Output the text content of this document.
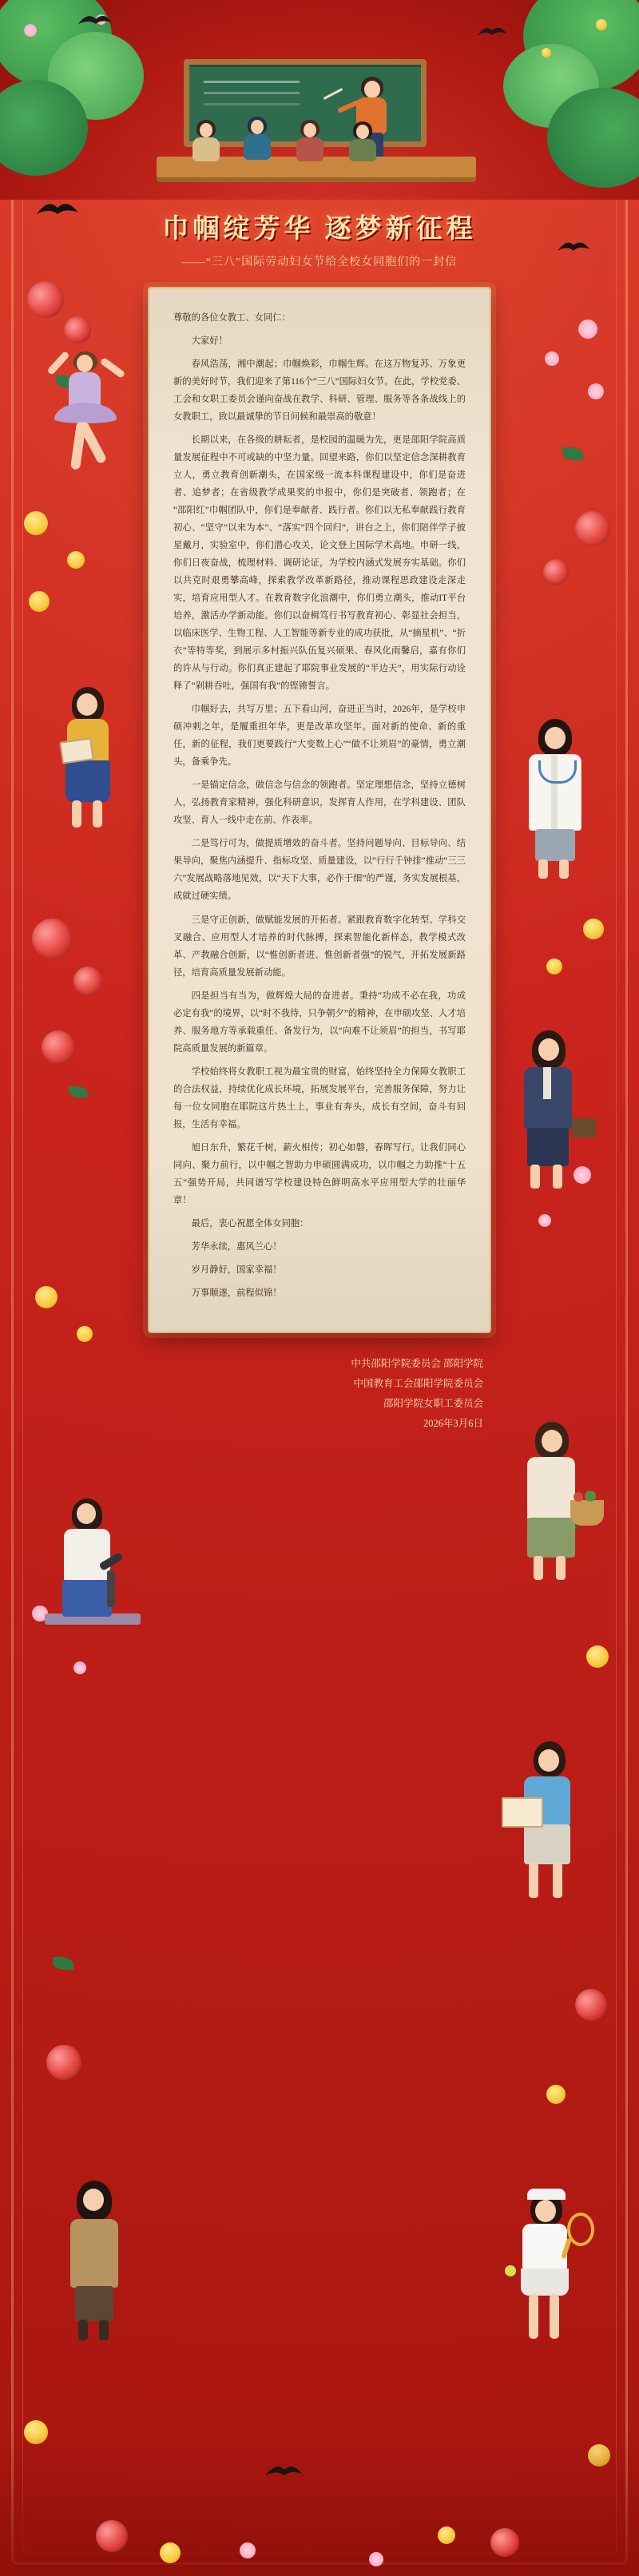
巾帼绽芳华 逐梦新征程

——“三八”国际劳动妇女节给全校女同胞们的一封信

尊敬的各位女教工、女同仁：

大家好！

春风浩荡，湘中潮起；巾帼焕彩，巾帼生辉。在这万物复苏、万象更新的美好时节，我们迎来了第116个“三八”国际妇女节。在此，学校党委、工会和女职工委员会谨向奋战在教学、科研、管理、服务等各条战线上的女教职工，致以最诚挚的节日问候和最崇高的敬意！

长期以来，在各级的耕耘者，是校园的温暖为先，更是邵阳学院高质量发展征程中不可或缺的中坚力量。回望来路，你们以坚定信念深耕教育立人，勇立教育创新潮头，在国家级一流本科课程建设中，你们是奋进者、追梦者；在省级教学成果奖的申报中，你们是突破者、领跑者；在“邵阳红”巾帼团队中，你们是奉献者、践行者。你们以无私奉献践行教育初心、“坚守”以来为本”、“落实”四个回归”，讲台之上，你们陪伴学子披星戴月，实验室中，你们潜心攻关，论文登上国际学术高地。申研一线，你们日夜奋战，梳理材料、调研论证，为学校内涵式发展夯实基础。你们以共克时艰勇攀高峰，探索教学改革新路径，推动课程思政建设走深走实，培育应用型人才。在教育数字化浪潮中，你们勇立潮头，推动IT平台培养，激活办学新动能。你们以奋楫笃行书写教育初心、彰显社会担当，以临床医学、生物工程、人工智能等新专业的成功获批，从“摘星机”、“折衣”等特等奖，到展示多村振兴队伍复兴硕果、春风化雨馨启，嘉有你们的许从与行动。你们真正建起了耶院事业发展的“半边天”，用实际行动诠释了“剁耕吞吐，强国有我”的铿锵誓言。

巾帼好去，共写万里；五下看山河，奋进正当时，2026年，是学校申硕冲刺之年，是履重担年华，更是改革攻坚年。面对新的使命、新的重任，新的征程，我们更要践行“大变数上心”“做不让须眉”的豪情，勇立潮头，备乘争先。

一是锚定信念，做信念与信念的领跑者。坚定理想信念，坚持立德树人，弘扬教育家精神，强化科研意识，发挥育人作用，在学科建设、团队攻坚、育人一线中走在前、作表率。

二是笃行可为，做提质增效的奋斗者。坚持问题导向、目标导向、结果导向，聚焦内涵提升、指标攻坚、质量建设，以“行行千钟排”推动“三三六”发展战略落地见效，以“天下大事，必作于细”的严谨，务实发展根基，成就过硬实绩。

三是守正创新，做赋能发展的开拓者。紧跟教育数字化转型、学科交叉融合、应用型人才培养的时代脉搏，探索智能化新样态，教学模式改革、产教融合创新，以“惟创新者进、惟创新者强”的锐气，开拓发展新路径，培育高质量发展新动能。

四是担当有当为，做辉煌大局的奋进者。秉持“功成不必在我，功成必定有我”的境界，以“时不我待，只争朝夕”的精神，在申硕攻坚、人才培养、服务地方等承载重任、备发行为，以“向难不让须眉”的担当，书写耶院高质量发展的新篇章。

学校始终将女教职工视为最宝贵的财富，始终坚持全力保障女教职工的合法权益，持续优化成长环境，拓展发展平台，完善服务保障，努力让每一位女同胞在耶院这片热土上，事业有奔头，成长有空间，奋斗有回报，生活有幸福。

旭日东升，繁花千树，薪火相传；初心如磐，春晖写行。让我们同心同向、聚力前行，以中帼之智助力申硕圆满成功，以巾帼之力助推“十五五”强势开局，共同谱写学校建设特色鲜明高水平应用型大学的壮丽华章！

最后，衷心祝愿全体女同胞：

芳华永续，惠风兰心！

岁月静好，国家幸福！

万事顺遂，前程似锦！

中共邵阳学院委员会 邵阳学院
中国教育工会邵阳学院委员会
邵阳学院女职工委员会
2026年3月6日
